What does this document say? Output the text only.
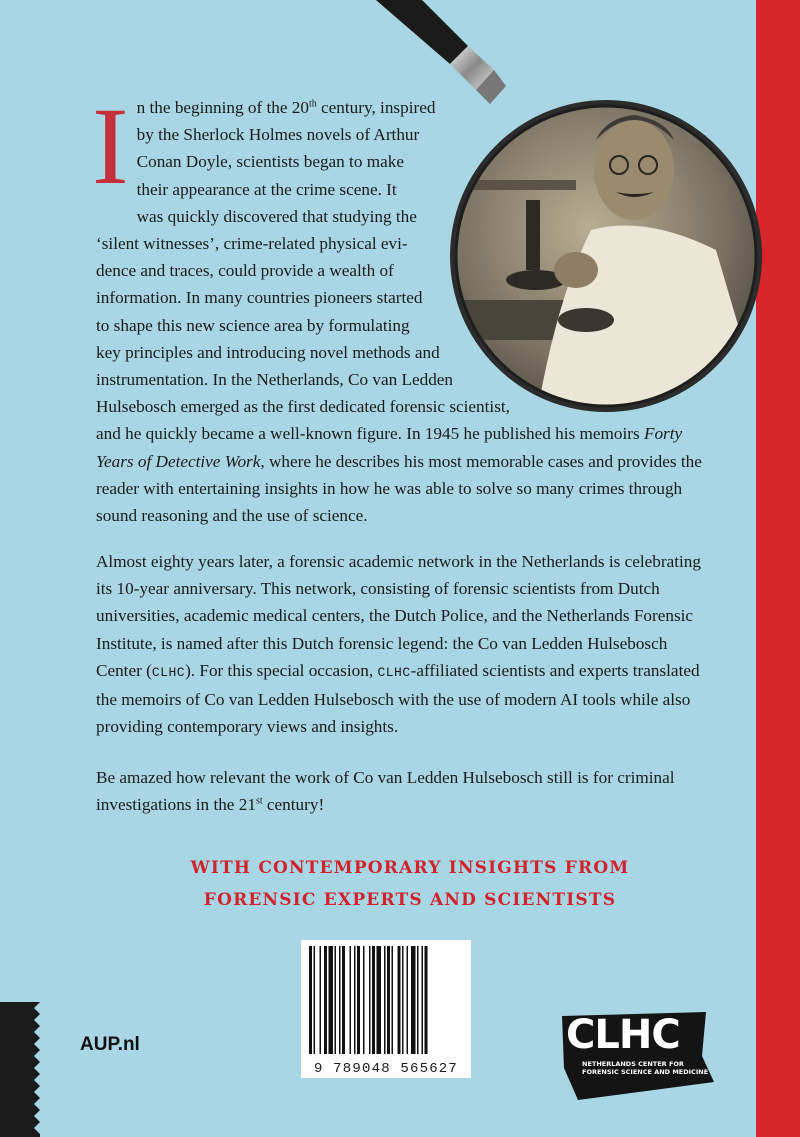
I n the beginning of the 20th century, inspired
by the Sherlock Holmes novels of Arthur
Conan Doyle, scientists began to make
their appearance at the crime scene. It
was quickly discovered that studying the
‘silent witnesses’, crime-related physical evi-
dence and traces, could provide a wealth of
information. In many countries pioneers started
to shape this new science area by formulating
key principles and introducing novel methods and
instrumentation. In the Netherlands, Co van Ledden
Hulsebosch emerged as the first dedicated forensic scientist,
and he quickly became a well-known figure. In 1945 he published his memoirs Forty Years of Detective Work, where he describes his most memorable cases and provides the reader with entertaining insights in how he was able to solve so many crimes through sound reasoning and the use of science.

Almost eighty years later, a forensic academic network in the Netherlands is celebrating its 10-year anniversary. This network, consisting of forensic scientists from Dutch universities, academic medical centers, the Dutch Police, and the Netherlands Forensic Institute, is named after this Dutch forensic legend: the Co van Ledden Hulsebosch Center (CLHC). For this special occasion, CLHC-affiliated scientists and experts translated the memoirs of Co van Ledden Hulsebosch with the use of modern AI tools while also providing contemporary views and insights.

Be amazed how relevant the work of Co van Ledden Hulsebosch still is for criminal investigations in the 21st century!

WITH CONTEMPORARY INSIGHTS FROM
FORENSIC EXPERTS AND SCIENTISTS
9 789048 565627
AUP.nl	CLHC
NETHERLANDS CENTER FOR
FORENSIC SCIENCE AND MEDICINE
